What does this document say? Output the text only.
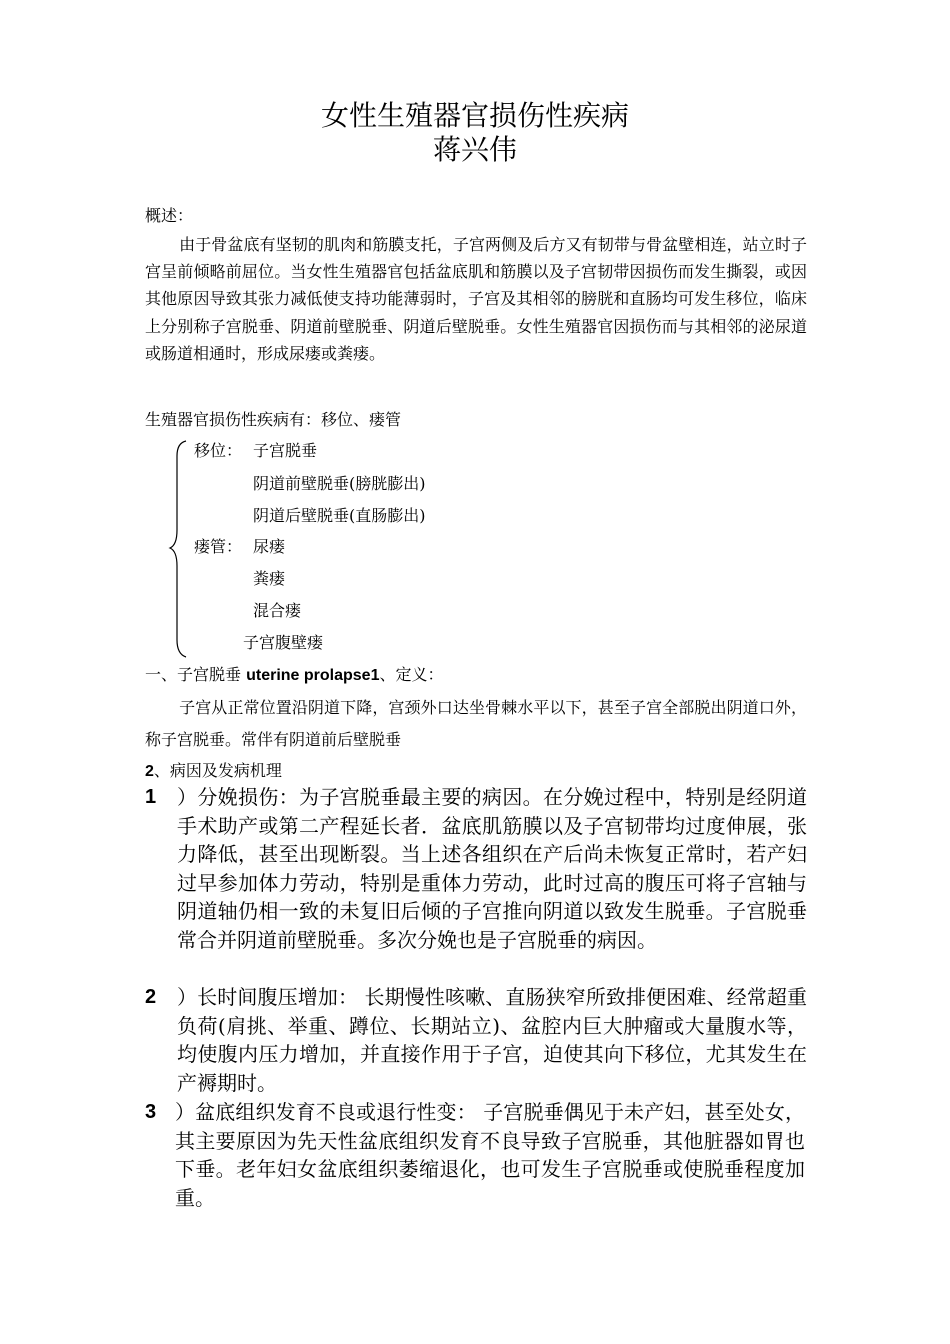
女性生殖器官损伤性疾病
蒋兴伟
概述：
由于骨盆底有坚韧的肌肉和筋膜支托，子宫两侧及后方又有韧带与骨盆壁相连，站立时子宫呈前倾略前屈位。当女性生殖器官包括盆底肌和筋膜以及子宫韧带因损伤而发生撕裂，或因其他原因导致其张力减低使支持功能薄弱时，子宫及其相邻的膀胱和直肠均可发生移位，临床上分别称子宫脱垂、阴道前壁脱垂、阴道后壁脱垂。女性生殖器官因损伤而与其相邻的泌尿道或肠道相通时，形成尿瘘或粪瘘。
生殖器官损伤性疾病有：移位、瘘管
移位： 子宫脱垂
阴道前壁脱垂(膀胱膨出)
阴道后壁脱垂(直肠膨出)
瘘管： 尿瘘
粪瘘
混合瘘
子宫腹壁瘘
一、子宫脱垂 uterine prolapse1、定义：
子宫从正常位置沿阴道下降，宫颈外口达坐骨棘水平以下，甚至子宫全部脱出阴道口外，称子宫脱垂。常伴有阴道前后壁脱垂
2、病因及发病机理
1 ）分娩损伤：为子宫脱垂最主要的病因。在分娩过程中，特别是经阴道手术助产或第二产程延长者．盆底肌筋膜以及子宫韧带均过度伸展，张力降低，甚至出现断裂。当上述各组织在产后尚未恢复正常时，若产妇过早参加体力劳动，特别是重体力劳动，此时过高的腹压可将子宫轴与阴道轴仍相一致的未复旧后倾的子宫推向阴道以致发生脱垂。子宫脱垂常合并阴道前壁脱垂。多次分娩也是子宫脱垂的病因。
2 ）长时间腹压增加： 长期慢性咳嗽、直肠狭窄所致排便困难、经常超重负荷(肩挑、举重、蹲位、长期站立)、盆腔内巨大肿瘤或大量腹水等，均使腹内压力增加，并直接作用于子宫，迫使其向下移位，尤其发生在产褥期时。
3 ）盆底组织发育不良或退行性变： 子宫脱垂偶见于未产妇，甚至处女，其主要原因为先天性盆底组织发育不良导致子宫脱垂，其他脏器如胃也下垂。老年妇女盆底组织萎缩退化，也可发生子宫脱垂或使脱垂程度加重。
